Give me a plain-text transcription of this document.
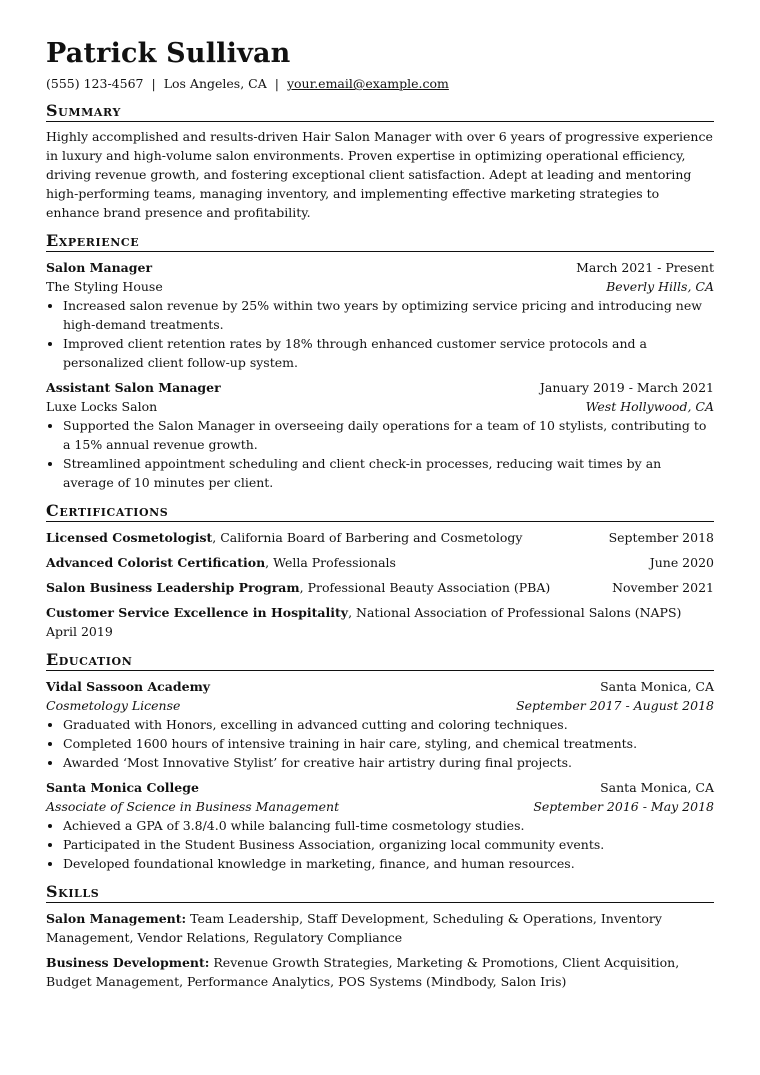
Patrick Sullivan
(555) 123-4567 | Los Angeles, CA | your.email@example.com
Summary
Highly accomplished and results-driven Hair Salon Manager with over 6 years of progressive experience in luxury and high-volume salon environments. Proven expertise in optimizing operational efficiency, driving revenue growth, and fostering exceptional client satisfaction. Adept at leading and mentoring high-performing teams, managing inventory, and implementing effective marketing strategies to enhance brand presence and profitability.
Experience
Salon Manager	March 2021 - Present
The Styling House	Beverly Hills, CA
• Increased salon revenue by 25% within two years by optimizing service pricing and introducing new high-demand treatments.
• Improved client retention rates by 18% through enhanced customer service protocols and a personalized client follow-up system.
Assistant Salon Manager	January 2019 - March 2021
Luxe Locks Salon	West Hollywood, CA
• Supported the Salon Manager in overseeing daily operations for a team of 10 stylists, contributing to a 15% annual revenue growth.
• Streamlined appointment scheduling and client check-in processes, reducing wait times by an average of 10 minutes per client.
Certifications
Licensed Cosmetologist, California Board of Barbering and Cosmetology	September 2018
Advanced Colorist Certification, Wella Professionals	June 2020
Salon Business Leadership Program, Professional Beauty Association (PBA)	November 2021
Customer Service Excellence in Hospitality, National Association of Professional Salons (NAPS) April 2019
Education
Vidal Sassoon Academy	Santa Monica, CA
Cosmetology License	September 2017 - August 2018
• Graduated with Honors, excelling in advanced cutting and coloring techniques.
• Completed 1600 hours of intensive training in hair care, styling, and chemical treatments.
• Awarded ‘Most Innovative Stylist’ for creative hair artistry during final projects.
Santa Monica College	Santa Monica, CA
Associate of Science in Business Management	September 2016 - May 2018
• Achieved a GPA of 3.8/4.0 while balancing full-time cosmetology studies.
• Participated in the Student Business Association, organizing local community events.
• Developed foundational knowledge in marketing, finance, and human resources.
Skills
Salon Management: Team Leadership, Staff Development, Scheduling & Operations, Inventory Management, Vendor Relations, Regulatory Compliance
Business Development: Revenue Growth Strategies, Marketing & Promotions, Client Acquisition, Budget Management, Performance Analytics, POS Systems (Mindbody, Salon Iris)
